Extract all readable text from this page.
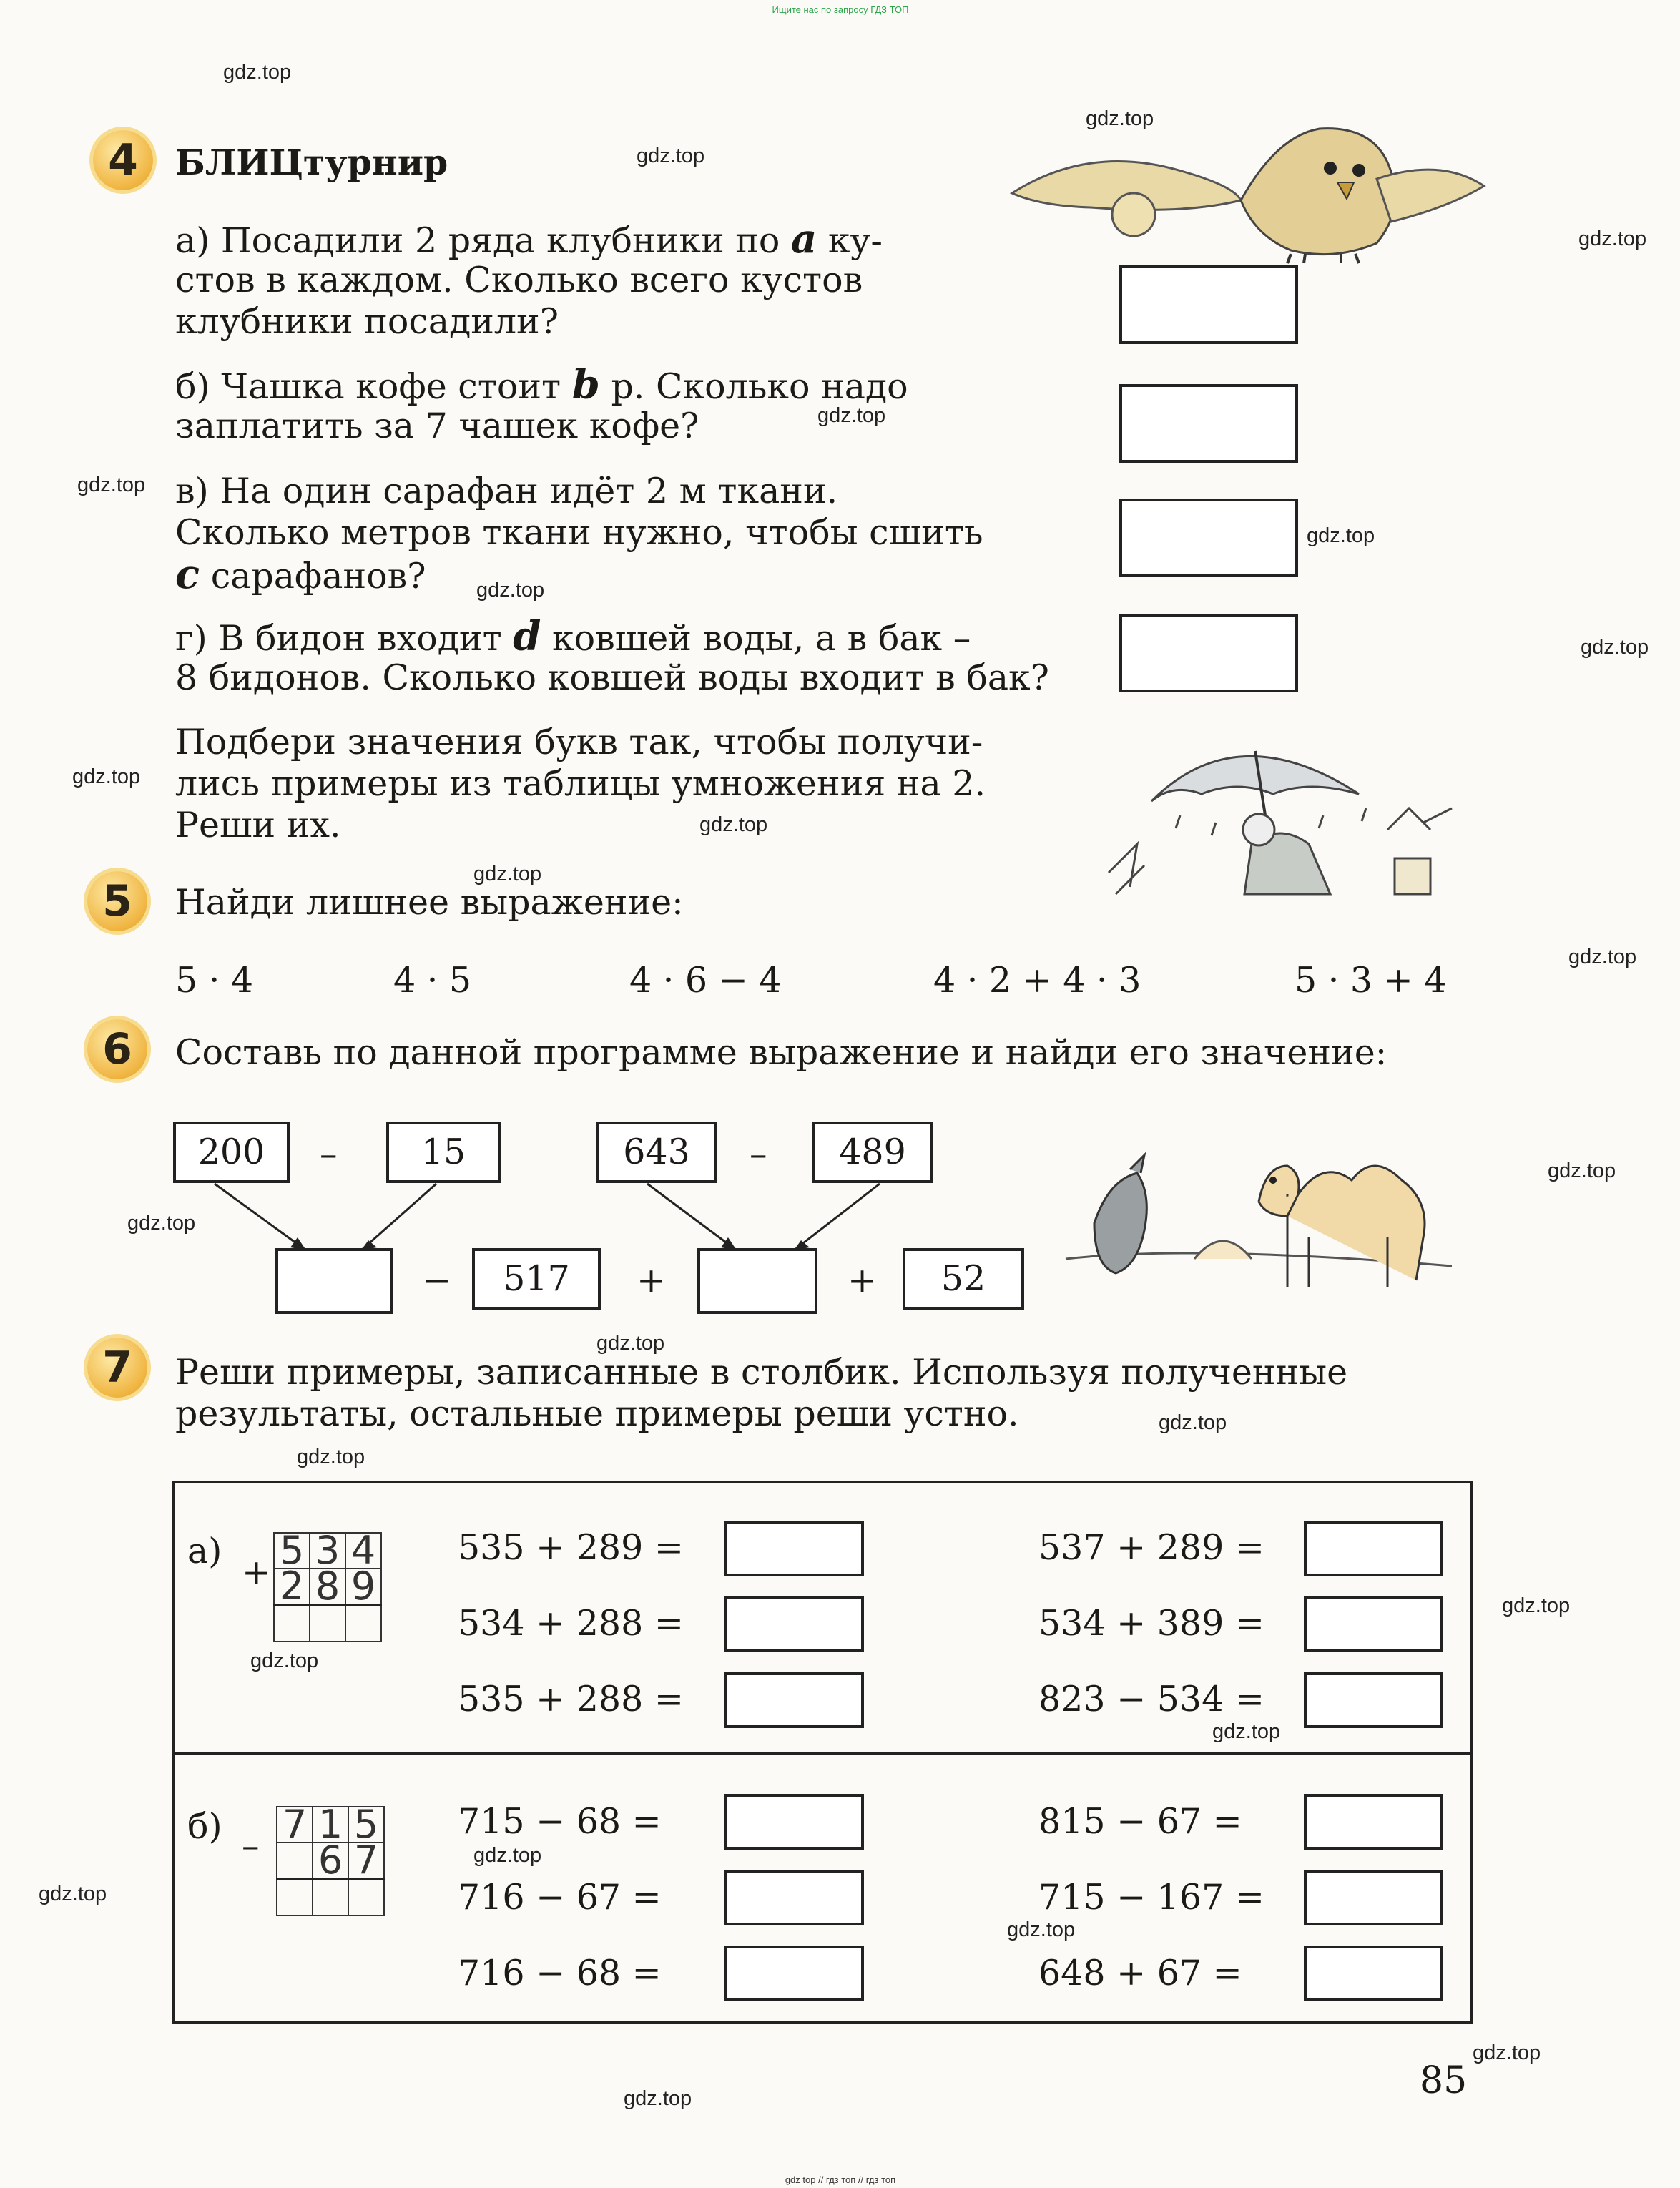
Ищите нас по запросу ГДЗ ТОП
gdz.top
gdz.top
gdz.top
gdz.top
gdz.top
gdz.top
gdz.top
gdz.top
gdz.top
gdz.top
gdz.top
gdz.top
gdz.top
gdz.top
gdz.top
gdz.top
gdz.top
gdz.top
gdz.top
gdz.top
gdz.top
gdz.top
gdz.top
gdz.top
gdz.top
gdz.top
4	БЛИЦтурнир
а) Посадили 2 ряда клубники по a ку-
стов в каждом. Сколько всего кустов
клубники посадили?
б) Чашка кофе стоит b р. Сколько надо
заплатить за 7 чашек кофе?
в) На один сарафан идёт 2 м ткани.
Сколько метров ткани нужно, чтобы сшить
c сарафанов?
г) В бидон входит d ковшей воды, а в бак –
8 бидонов. Сколько ковшей воды входит в бак?
Подбери значения букв так, чтобы получи-
лись примеры из таблицы умножения на 2.
Реши их.
5	Найди лишнее выражение:
5 · 4	4 · 5	4 · 6 − 4	4 · 2 + 4 · 3	5 · 3 + 4
6	Составь по данной программе выражение и найди его значение:
200	–	15	643	–	489
−	517	+	+	52
7	Реши примеры, записанные в столбик. Используя полученные
результаты, остальные примеры реши устно.
а)
+ 5	3	4
2	8	9

535 + 289 =
534 + 288 =
535 + 288 =
537 + 289 =
534 + 389 =
823 − 534 =
б) – 7	1	5
	6	7

715 − 68 =
716 − 67 =
716 − 68 =
815 − 67 =
715 − 167 =
648 + 67 =
85
gdz top // гдз топ // гдз топ
